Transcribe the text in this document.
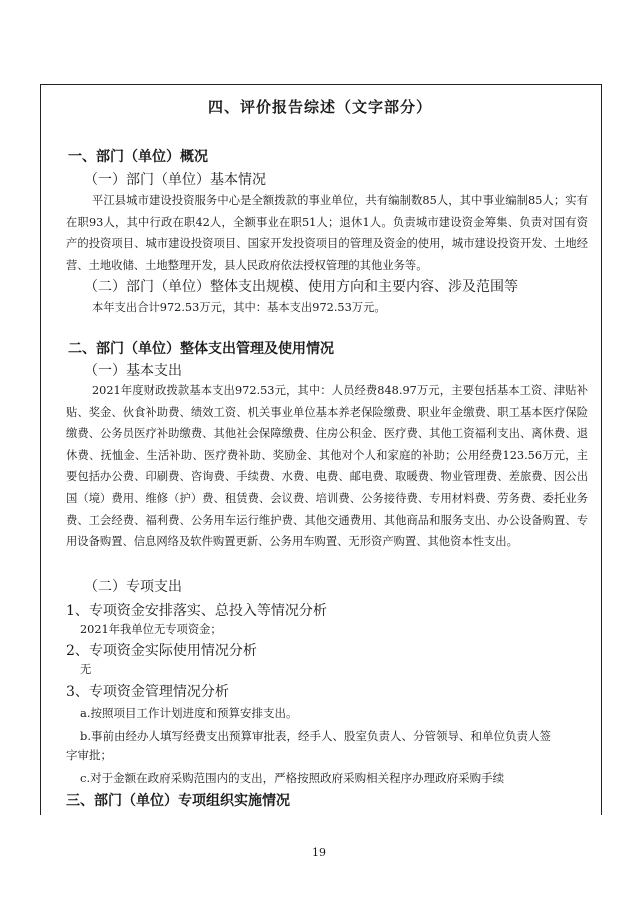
四、评价报告综述（文字部分）
一、部门（单位）概况
（一）部门（单位）基本情况
平江县城市建设投资服务中心是全额拨款的事业单位，共有编制数85人，其中事业编制85人；实有在职93人，其中行政在职42人，全额事业在职51人；退休1人。负责城市建设资金筹集、负责对国有资产的投资项目、城市建设投资项目、国家开发投资项目的管理及资金的使用，城市建设投资开发、土地经营、土地收储、土地整理开发，县人民政府依法授权管理的其他业务等。
（二）部门（单位）整体支出规模、使用方向和主要内容、涉及范围等
本年支出合计972.53万元，其中：基本支出972.53万元。
二、部门（单位）整体支出管理及使用情况
（一）基本支出
2021年度财政拨款基本支出972.53元，其中：人员经费848.97万元，主要包括基本工资、津贴补贴、奖金、伙食补助费、绩效工资、机关事业单位基本养老保险缴费、职业年金缴费、职工基本医疗保险缴费、公务员医疗补助缴费、其他社会保障缴费、住房公积金、医疗费、其他工资福利支出、离休费、退休费、抚恤金、生活补助、医疗费补助、奖励金、其他对个人和家庭的补助；公用经费123.56万元，主要包括办公费、印刷费、咨询费、手续费、水费、电费、邮电费、取暖费、物业管理费、差旅费、因公出国（境）费用、维修（护）费、租赁费、会议费、培训费、公务接待费、专用材料费、劳务费、委托业务费、工会经费、福利费、公务用车运行维护费、其他交通费用、其他商品和服务支出、办公设备购置、专用设备购置、信息网络及软件购置更新、公务用车购置、无形资产购置、其他资本性支出。
（二）专项支出
1、专项资金安排落实、总投入等情况分析
2021年我单位无专项资金；
2、专项资金实际使用情况分析
无
3、专项资金管理情况分析
a.按照项目工作计划进度和预算安排支出。
b.事前由经办人填写经费支出预算审批表，经手人、股室负责人、分管领导、和单位负责人签
字审批；
c.对于金额在政府采购范围内的支出，严格按照政府采购相关程序办理政府采购手续
三、部门（单位）专项组织实施情况
19
